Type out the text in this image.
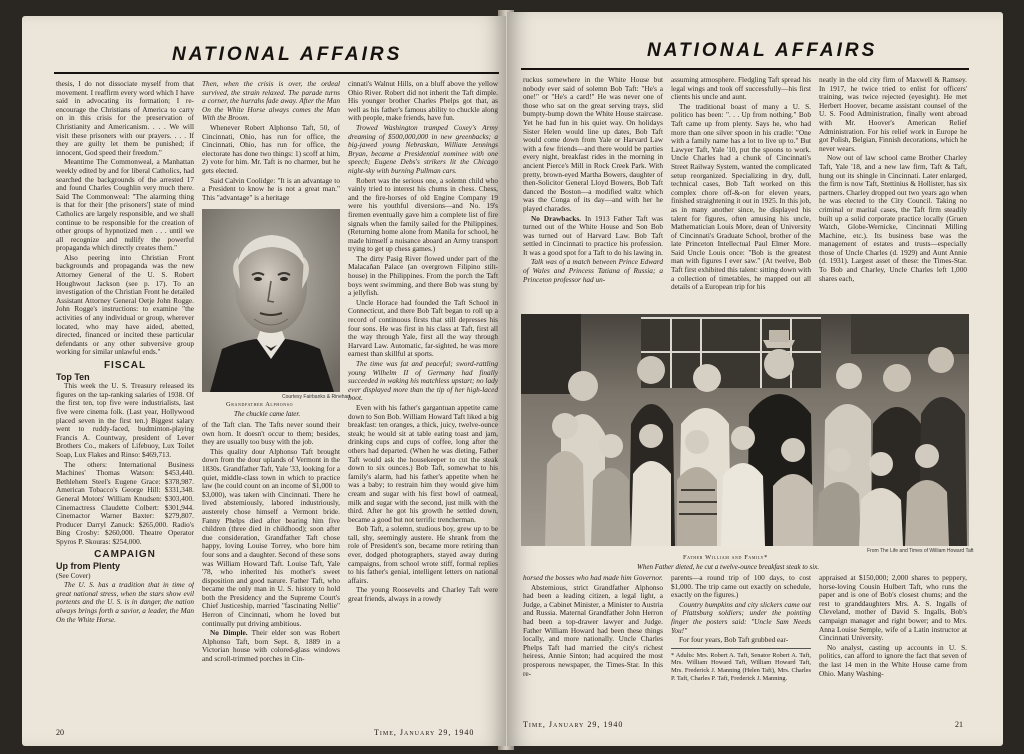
NATIONAL AFFAIRS

thesis, I do not dissociate myself from that movement. I reaffirm every word which I have said in advocating its formation; I re-encourage the Christians of America to carry on in this crisis for the preservation of Christianity and Americanism. . . . We will visit these prisoners with our prayers. . . . If they are guilty let them be punished; if innocent, God speed their freedom."

Meantime The Commonweal, a Manhattan weekly edited by and for liberal Catholics, had searched the backgrounds of the arrested 17 and found Charles Coughlin very much there. Said The Commonweal: "The alarming thing is that for their [the prisoners'] state of mind Catholics are largely responsible, and we shall continue to be responsible for the creation of other groups of hypnotized men . . . until we all recognize and nullify the powerful propaganda which directly creates them."

Also peering into Christian Front backgrounds and propaganda was the new Attorney General of the U. S. Robert Houghwout Jackson (see p. 17). To an investigation of the Christian Front he detailed Assistant Attorney General Oetje John Rogge. John Rogge's instructions: to examine "the activities of any individual or group, wherever located, who may have aided, abetted, directed, financed or incited these particular defendants or any other subversive group working for similar unlawful ends."

FISCAL
Top Ten

This week the U. S. Treasury released its figures on the tap-ranking salaries of 1938. Of the first ten, top five were industrialists, last five were cinema folk. (Last year, Hollywood placed seven in the first ten.) Biggest salary went to ruddy-faced, budminton-playing Francis A. Countway, president of Lever Brothers Co., makers of Lifebuoy, Lux Toilet Soap, Lux Flakes and Rinso: $469,713.

The others: International Business Machines' Thomas Watson: $453,440. Bethlehem Steel's Eugene Grace: $378,987. American Tobacco's George Hill: $331,348. General Motors' William Knudsen: $303,400. Cinemactress Claudette Colbert: $301,944. Cinemactor Warner Baxter: $279,807. Producer Darryl Zanuck: $265,000. Radio's Bing Crosby: $260,000. Theatre Operator Spyros P. Skouras: $254,000.

CAMPAIGN
Up from Plenty
(See Cover)

The U. S. has a tradition that in time of great national stress, when the stars show evil portents and the U. S. is in danger, the nation always brings forth a savior, a leader, the Man On the White Horse.

Then, when the crisis is over, the ordeal survived, the strain relaxed. The parade turns a corner, the hurrahs fade away. After the Man On the White Horse always comes the Man With the Broom.

Whenever Robert Alphonso Taft, 50, of Cincinnati, Ohio, has run for office, the Cincinnati, Ohio, has run for office, the electorate has done two things: 1) scoff at him, 2) vote for him. Mr. Taft is no charmer, but he gets elected.

Said Calvin Coolidge: "It is an advantage to a President to know he is not a great man." This "advantage" is a heritage

Courtesy Fairbanks & Rinehart
Grandfather Alphonso
The chuckle came later.

of the Taft clan. The Tafts never sound their own horn. It doesn't occur to them; besides, they are usually too busy with the job.

This quality dour Alphonso Taft brought down from the dour uplands of Vermont in the 1830s. Grandfather Taft, Yale '33, looking for a quiet, middle-class town in which to practice law (he could count on an income of $1,000 to $3,000), was taken with Cincinnati. There he lived abstemiously, labored industriously, austerely chose himself a Vermont bride. Fanny Phelps died after bearing him five children (three died in childhood); soon after due consideration, Grandfather Taft chose happy, loving Louise Torrey, who bore him four sons and a daughter. Second of these sons was William Howard Taft. Louise Taft, Yale '78, who inherited his mother's sweet disposition and good nature. Father Taft, who became the only man in U. S. history to hold both the Presidency and the Supreme Court's Chief Justiceship, married "fascinating Nellie" Herron of Cincinnati, whom he loved but continually put driving ambitious.

No Dimple. Their elder son was Robert Alphonso Taft, born Sept. 8, 1889 in a Victorian house with colored-glass windows and scroll-trimmed porches in Cin-

cinnati's Walnut Hills, on a bluff above the yellow Ohio River. Robert did not inherit the Taft dimple. His younger brother Charles Phelps got that, as well as his father's famous ability to chuckle along with people, make friends, have fun.

Trowed Washington tramped Coxey's Army dreaming of $500,000,000 in new greenbacks; a big-jawed young Nebraskan, William Jennings Bryan, became a Presidential nominee with one speech; Eugene Debs's strikers lit the Chicago night-sky with burning Pullman cars.

Robert was the serious one, a solemn child who vainly tried to interest his chums in chess. Chess, and the fire-horses of old Engine Company 19 were his youthful diversions—and No. 19's firemen eventually gave him a complete list of fire signals when the family sailed for the Philippines. (Returning home alone from Manila for school, he made himself a nuisance aboard an Army transport trying to get up chess games.)

The dirty Pasig River flowed under part of the Malacañan Palace (an overgrown Filipino stilt-house) in the Philippines. From the porch the Taft boys went swimming, and there Bob was stung by a jellyfish.

Uncle Horace had founded the Taft School in Connecticut, and there Bob Taft began to roll up a record of continuous firsts that still depresses his four sons. He was first in his class at Taft, first all the way through Yale, first all the way through Harvard Law. Automatic, far-sighted, he was more earnest than skillful at sports.

The time was fat and peaceful; sword-rattling young Wilhelm II of Germany had finally succeeded in waking his matchless upstart; no lady ever displayed more than the tip of her high-laced boot.

Even with his father's gargantuan appetite came down to Son Bob. William Howard Taft liked a big breakfast: ten oranges, a thick, juicy, twelve-ounce steak; he would sit at table eating toast and jam, drinking cups and cups of coffee, long after the others had departed. (When he was dieting, Father Taft would ask the housekeeper to cut the steak down to six ounces.) Bob Taft, somewhat to his family's alarm, had his father's appetite when he was a baby; to restrain him they would give him cream and sugar with his first bowl of oatmeal, milk and sugar with the second, just milk with the third. After he got his growth he settled down, became a good but not terrific trencherman.

Bob Taft, a solemn, studious boy, grew up to be tall, shy, seemingly austere. He shrank from the role of President's son, became more retiring than ever, dodged photographers, stayed away during campaigns, from school wrote stiff, formal replies to his father's genial, intelligent letters on national affairs.

The young Roosevelts and Charley Taft were great friends, always in a rowdy

20	Time, January 29, 1940
NATIONAL AFFAIRS

ruckus somewhere in the White House but nobody ever said of solemn Bob Taft: "He's a one!" or "He's a card!" He was never one of those who sat on the great serving trays, slid bumpty-bump down the White House staircase. Yet he had fun in his quiet way. On holidays Sister Helen would line up dates, Bob Taft would come down from Yale or Harvard Law with a few friends—and there would be parties every night, breakfast rides in the morning in ancient Pierce's Mill in Rock Creek Park. With pretty, brown-eyed Martha Bowers, daughter of then-Solicitor General Lloyd Bowers, Bob Taft danced the Boston—a modified waltz which was the Conga of its day—and with her he played charades.

No Drawbacks. In 1913 Father Taft was turned out of the White House and Son Bob was turned out of Harvard Law. Bob Taft settled in Cincinnati to practice his profession. It was a good spot for a Taft to do his lawing in.

Talk was of a match between Prince Edward of Wales and Princess Tatiana of Russia; a Princeton professor had un-

assuming atmosphere. Fledgling Taft spread his legal wings and took off successfully—his first clients his uncle and aunt.

The traditional boast of many a U. S. politico has been: ". . . Up from nothing." Bob Taft came up from plenty. Says he, who had more than one silver spoon in his cradle: "One with a family name has a lot to live up to." But Lawyer Taft, Yale '10, put the spoons to work. Uncle Charles had a chunk of Cincinnati's Street Railway System, wanted the complicated setup reorganized. Specializing in dry, dull, technical cases, Bob Taft worked on this complex chore off-&-on for eleven years, finished straightening it out in 1925. In this job, as in many another since, he displayed his talent for figures, often amusing his uncle, Mathematician Louis More, dean of University of Cincinnati's Graduate School, brother of the late Princeton Intellectual Paul Elmer More. Said Uncle Louis once: "Bob is the greatest man with figures I ever saw." (At twelve, Bob Taft first exhibited this talent: sitting down with a collection of timetables, he mapped out all details of a European trip for his

neatly in the old city firm of Maxwell & Ramsey. In 1917, he twice tried to enlist for officers' training, was twice rejected (eyesight). He met Herbert Hoover, became assistant counsel of the U. S. Food Administration, finally went abroad with Mr. Hoover's American Relief Administration. For his relief work in Europe he got Polish, Belgian, Finnish decorations, which he never wears.

Now out of law school came Brother Charley Taft, Yale '18, and a new law firm, Taft & Taft, hung out its shingle in Cincinnati. Later enlarged, the firm is now Taft, Stettinius & Hollister, has six partners. Charley dropped out two years ago when he was elected to the City Council. Taking no criminal or marital cases, the Taft firm steadily built up a solid corporate practice locally (Gruen Watch, Globe-Wernicke, Cincinnati Milling Machine, etc.). Its business base was the management of estates and trusts—especially those of Uncle Charles (d. 1929) and Aunt Annie (d. 1931). Largest asset of these: the Times-Star. To Bob and Charley, Uncle Charles left 1,000 shares each,

From The Life and Times of William Howard Taft
Father William and Family*
When Father dieted, he cut a twelve-ounce breakfast steak to six.

horsed the bosses who had made him Governor.

Abstemious, strict Grandfather Alphonso had been a leading citizen, a legal light, a Judge, a Cabinet Minister, a Minister to Austria and Russia. Maternal Grandfather John Herron had been a top-drawer lawyer and Judge. Father William Howard had been these things locally, and more nationally. Uncle Charles Phelps Taft had married the city's richest heiress, Annie Sinton; had acquired the most prosperous newspaper, the Times-Star. In this re-

parents—a round trip of 100 days, to cost $1,000. The trip came out exactly on schedule, exactly on the figures.)

Country bumpkins and city slickers came out of Plattsburg soldiers; under the pointing finger the posters said: "Uncle Sam Needs You!"

For four years, Bob Taft grubbed ear-

* Adults: Mrs. Robert A. Taft, Senator Robert A. Taft, Mrs. William Howard Taft, William Howard Taft, Mrs. Frederick J. Manning (Helen Taft), Mrs. Charles P. Taft, Charles P. Taft, Frederick J. Manning.

appraised at $150,000; 2,000 shares to peppery, horse-loving Cousin Hulbert Taft, who runs the paper and is one of Bob's closest chums; and the rest to granddaughters Mrs. A. S. Ingalls of Cleveland, mother of David S. Ingalls, Bob's campaign manager and right bower; and to Mrs. Anna Louise Semple, wife of a Latin instructor at Cincinnati University.

No analyst, casting up accounts in U. S. politics, can afford to ignore the fact that seven of the last 14 men in the White House came from Ohio. Many Washing-

Time, January 29, 1940	21
